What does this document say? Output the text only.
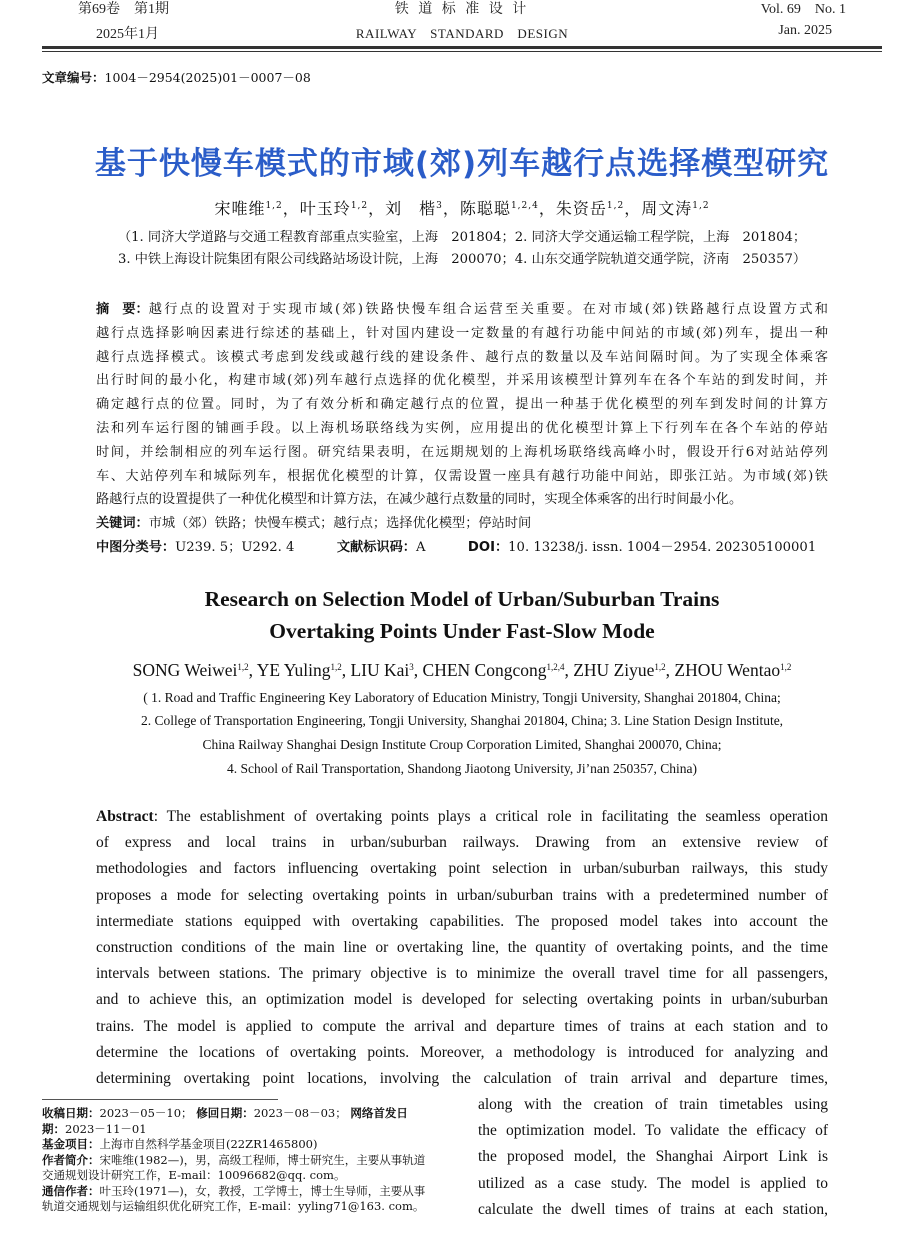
第69卷　第1期	铁 道 标 准 设 计	Vol. 69　No. 1
2025年1月	RAILWAY　STANDARD　DESIGN	Jan. 2025
文章编号：1004－2954(2025)01－0007－08
基于快慢车模式的市域(郊)列车越行点选择模型研究
宋唯维$^{1,2}$，叶玉玲$^{1,2}$，刘　楷$^3$，陈聪聪$^{1,2,4}$，朱资岳$^{1,2}$，周文涛$^{1,2}$
（1. 同济大学道路与交通工程教育部重点实验室，上海　201804；2. 同济大学交通运输工程学院，上海　201804；
3. 中铁上海设计院集团有限公司线路站场设计院，上海　200070；4. 山东交通学院轨道交通学院，济南　250357）
摘　要： 越行点的设置对于实现市域(郊)铁路快慢车组合运营至关重要。在对市域(郊)铁路越行点设置方式和
越行点选择影响因素进行综述的基础上，针对国内建设一定数量的有越行功能中间站的市域(郊)列车，提出一种
越行点选择模式。该模式考虑到发线或越行线的建设条件、越行点的数量以及车站间隔时间。为了实现全体乘客
出行时间的最小化，构建市域(郊)列车越行点选择的优化模型，并采用该模型计算列车在各个车站的到发时间，并
确定越行点的位置。同时，为了有效分析和确定越行点的位置，提出一种基于优化模型的列车到发时间的计算方
法和列车运行图的铺画手段。以上海机场联络线为实例，应用提出的优化模型计算上下行列车在各个车站的停站
时间，并绘制相应的列车运行图。研究结果表明，在远期规划的上海机场联络线高峰小时，假设开行6对站站停列
车、大站停列车和城际列车，根据优化模型的计算，仅需设置一座具有越行功能中间站，即张江站。为市域(郊)铁
路越行点的设置提供了一种优化模型和计算方法，在减少越行点数量的同时，实现全体乘客的出行时间最小化。
关键词：市城（郊）铁路；快慢车模式；越行点；选择优化模型；停站时间
中图分类号：U239. 5；U292. 4	文献标识码：A	DOI：10. 13238/j. issn. 1004－2954. 202305100001
Research on Selection Model of Urban/Suburban Trains
Overtaking Points Under Fast-Slow Mode
SONG Weiwei$^{1,2}$, YE Yuling$^{1,2}$, LIU Kai$^3$, CHEN Congcong$^{1,2,4}$, ZHU Ziyue$^{1,2}$, ZHOU Wentao$^{1,2}$
( 1. Road and Traffic Engineering Key Laboratory of Education Ministry, Tongji University, Shanghai 201804, China;
2. College of Transportation Engineering, Tongji University, Shanghai 201804, China; 3. Line Station Design Institute,
China Railway Shanghai Design Institute Croup Corporation Limited, Shanghai 200070, China;
4. School of Rail Transportation, Shandong Jiaotong University, Ji’nan 250357, China)
Abstract : The establishment of overtaking points plays a critical role in facilitating the seamless operation
of express and local trains in urban/suburban railways. Drawing from an extensive review of
methodologies and factors influencing overtaking point selection in urban/suburban railways, this study
proposes a mode for selecting overtaking points in urban/suburban trains with a predetermined number of
intermediate stations equipped with overtaking capabilities. The proposed model takes into account the
construction conditions of the main line or overtaking line, the quantity of overtaking points, and the time
intervals between stations. The primary objective is to minimize the overall travel time for all passengers,
and to achieve this, an optimization model is developed for selecting overtaking points in urban/suburban
trains. The model is applied to compute the arrival and departure times of trains at each station and to
determine the locations of overtaking points. Moreover, a methodology is introduced for analyzing and
determining overtaking point locations, involving the calculation of train arrival and departure times,
along with the creation of train timetables using
the optimization model. To validate the efficacy of
the proposed model, the Shanghai Airport Link is
utilized as a case study. The model is applied to
calculate the dwell times of trains at each station,
收稿日期：2023－05－10； 修回日期：2023－08－03； 网络首发日期：2023－11－01
基金项目：上海市自然科学基金项目(22ZR1465800)
作者简介：宋唯维(1982—)，男，高级工程师，博士研究生，主要从事轨道交通规划设计研究工作，E-mail：10096682@qq. com。
通信作者：叶玉玲(1971—)，女，教授，工学博士，博士生导师，主要从事轨道交通规划与运输组织优化研究工作，E-mail：yyling71@163. com。
